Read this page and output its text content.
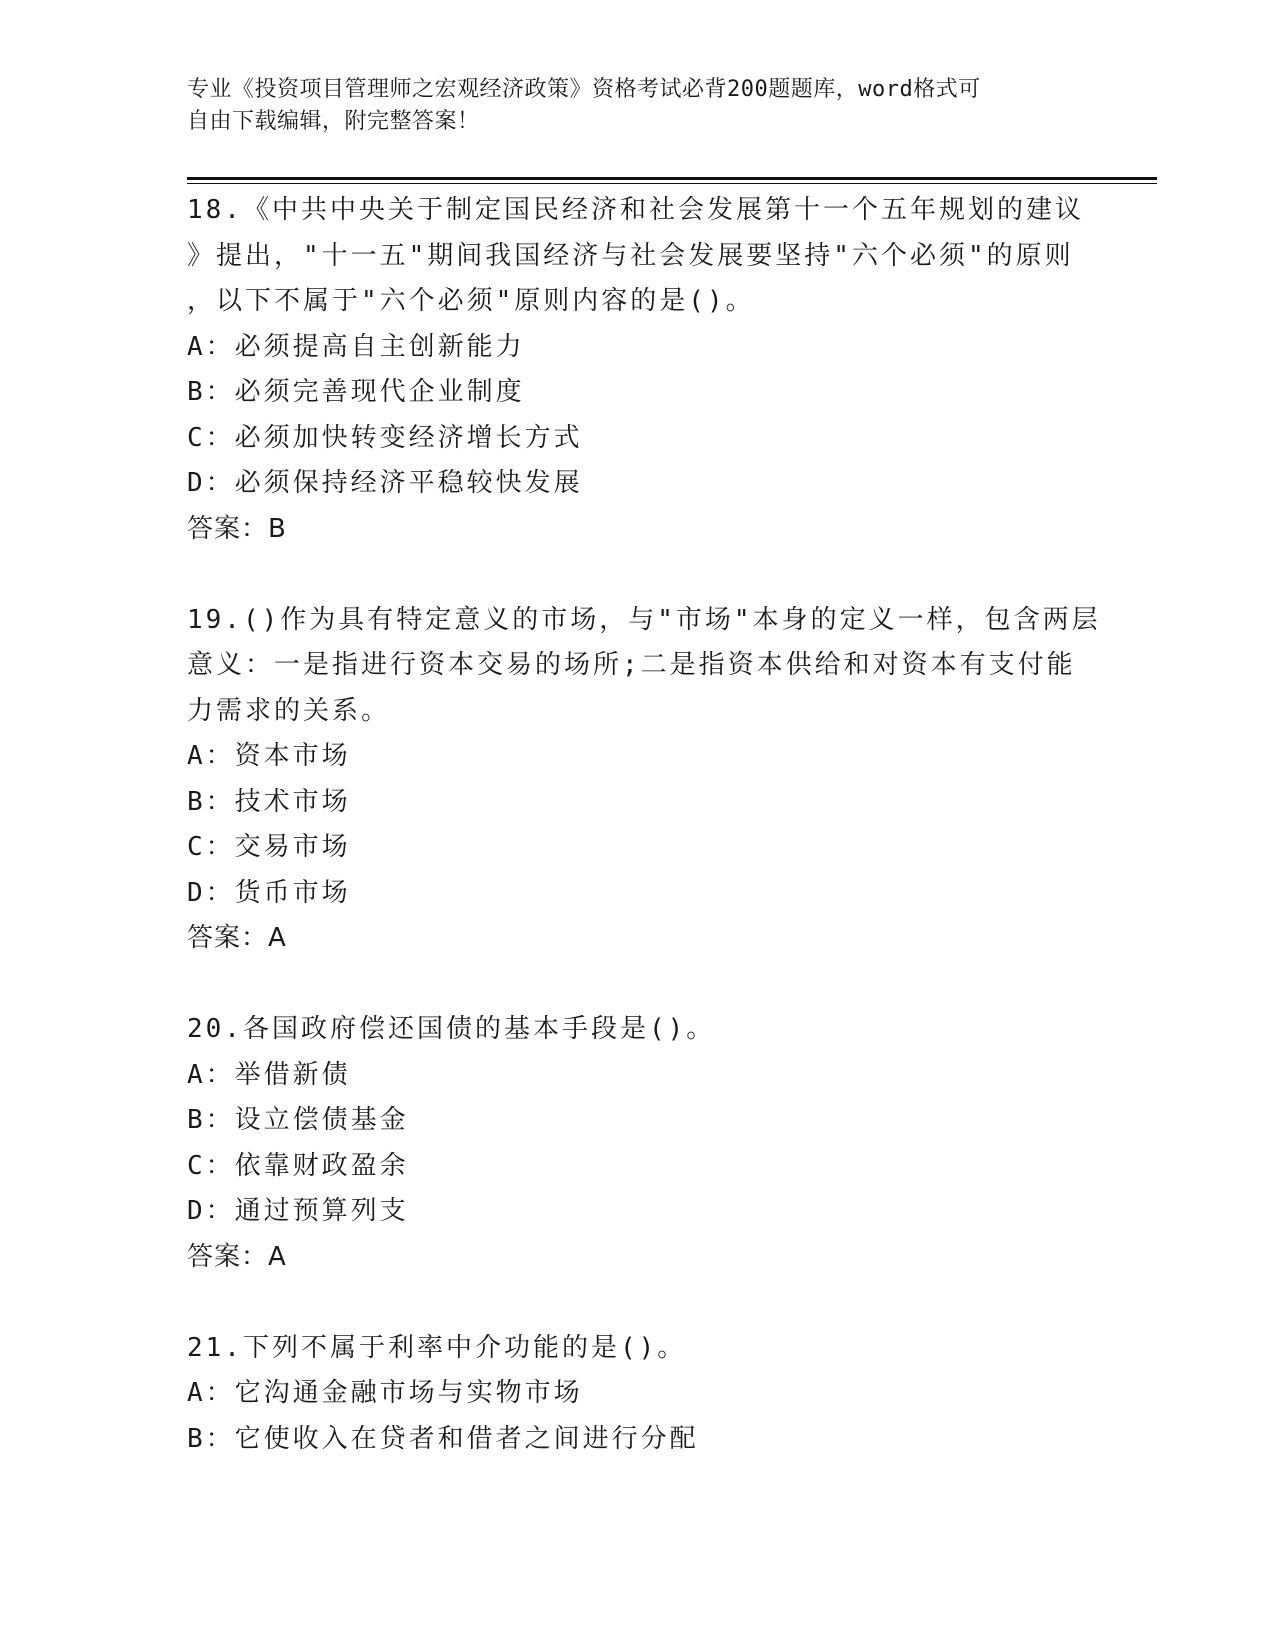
专业《投资项目管理师之宏观经济政策》资格考试必背200题题库，word格式可
自由下载编辑，附完整答案！
18.《中共中央关于制定国民经济和社会发展第十一个五年规划的建议
》提出，"十一五"期间我国经济与社会发展要坚持"六个必须"的原则
，以下不属于"六个必须"原则内容的是()。
A：必须提高自主创新能力
B：必须完善现代企业制度
C：必须加快转变经济增长方式
D：必须保持经济平稳较快发展
答案：B
19.()作为具有特定意义的市场，与"市场"本身的定义一样，包含两层
意义：一是指进行资本交易的场所;二是指资本供给和对资本有支付能
力需求的关系。
A：资本市场
B：技术市场
C：交易市场
D：货币市场
答案：A
20.各国政府偿还国债的基本手段是()。
A：举借新债
B：设立偿债基金
C：依靠财政盈余
D：通过预算列支
答案：A
21.下列不属于利率中介功能的是()。
A：它沟通金融市场与实物市场
B：它使收入在贷者和借者之间进行分配
